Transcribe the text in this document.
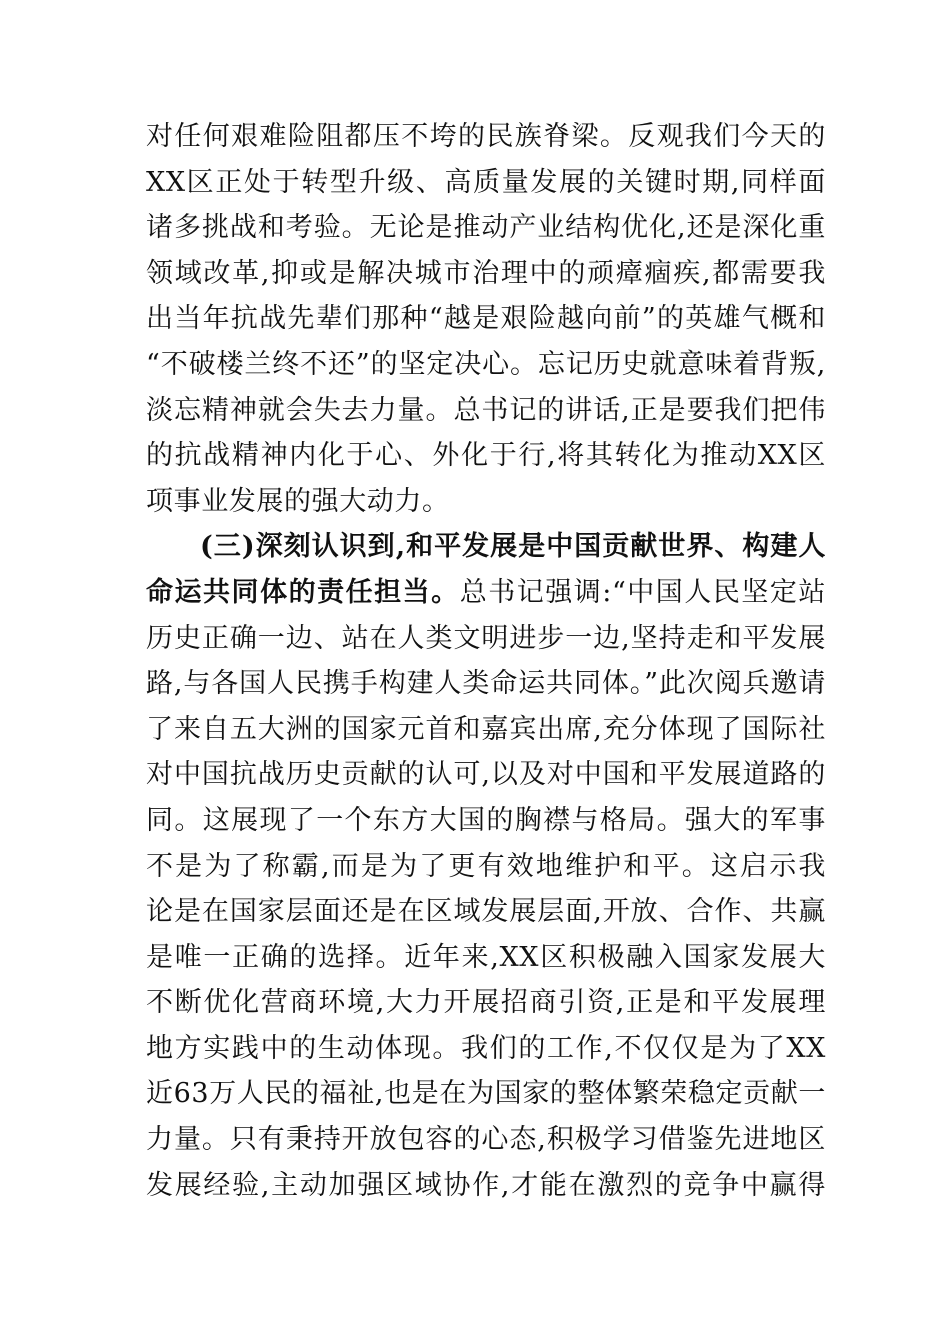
对任何艰难险阻都压不垮的民族脊梁。反观我们今天的
XX区正处于转型升级、高质量发展的关键时期,同样面
诸多挑战和考验。无论是推动产业结构优化,还是深化重
领域改革,抑或是解决城市治理中的顽瘴痼疾,都需要我
出当年抗战先辈们那种“越是艰险越向前”的英雄气概和
“不破楼兰终不还”的坚定决心。忘记历史就意味着背叛,
淡忘精神就会失去力量。总书记的讲话,正是要我们把伟
的抗战精神内化于心、外化于行,将其转化为推动XX区
项事业发展的强大动力。
(三)深刻认识到,和平发展是中国贡献世界、构建人
命运共同体的责任担当。总书记强调:“中国人民坚定站
历史正确一边、站在人类文明进步一边,坚持走和平发展
路,与各国人民携手构建人类命运共同体。”此次阅兵邀请
了来自五大洲的国家元首和嘉宾出席,充分体现了国际社
对中国抗战历史贡献的认可,以及对中国和平发展道路的
同。这展现了一个东方大国的胸襟与格局。强大的军事
不是为了称霸,而是为了更有效地维护和平。这启示我
论是在国家层面还是在区域发展层面,开放、合作、共赢
是唯一正确的选择。近年来,XX区积极融入国家发展大
不断优化营商环境,大力开展招商引资,正是和平发展理
地方实践中的生动体现。我们的工作,不仅仅是为了XX
近63万人民的福祉,也是在为国家的整体繁荣稳定贡献一
力量。只有秉持开放包容的心态,积极学习借鉴先进地区
发展经验,主动加强区域协作,才能在激烈的竞争中赢得
